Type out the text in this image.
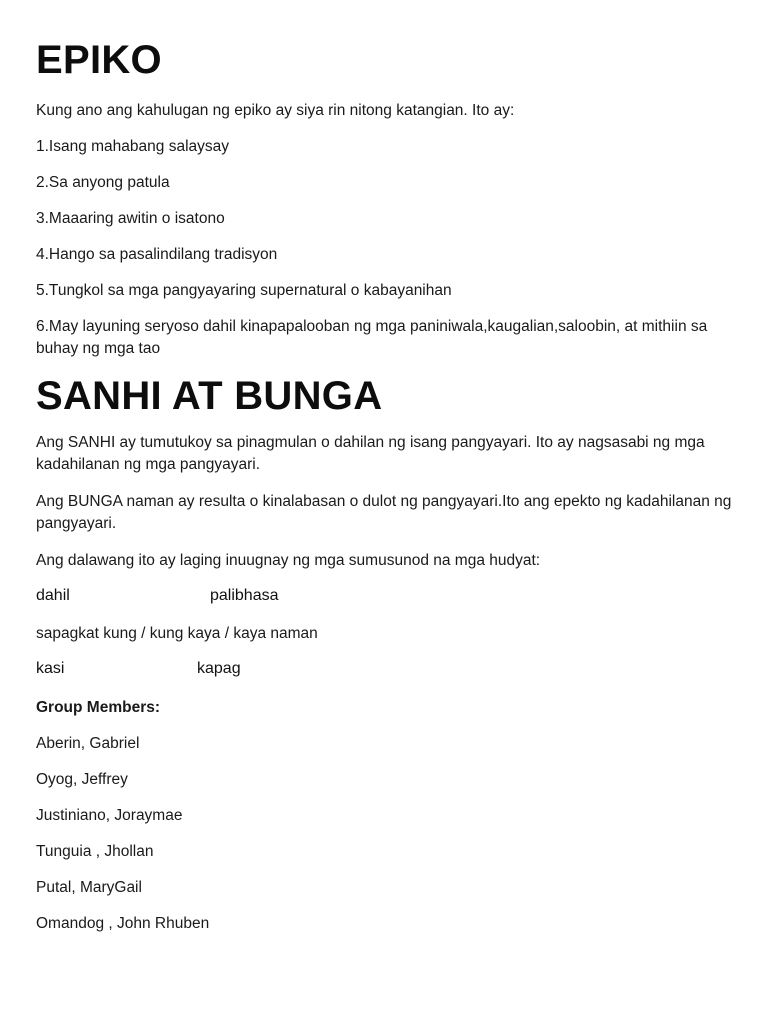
EPIKO

Kung ano ang kahulugan ng epiko ay siya rin nitong katangian. Ito ay:

1.Isang mahabang salaysay

2.Sa anyong patula

3.Maaaring awitin o isatono

4.Hango sa pasalindilang tradisyon

5.Tungkol sa mga pangyayaring supernatural o kabayanihan

6.May layuning seryoso dahil kinapapalooban ng mga paniniwala,kaugalian,saloobin, at mithiin sa buhay ng mga tao

SANHI AT BUNGA

Ang SANHI ay tumutukoy sa pinagmulan o dahilan ng isang pangyayari. Ito ay nagsasabi ng mga kadahilanan ng mga pangyayari.

Ang BUNGA naman ay resulta o kinalabasan o dulot ng pangyayari.Ito ang epekto ng kadahilanan ng pangyayari.

Ang dalawang ito ay laging inuugnay ng mga sumusunod na mga hudyat:

dahil	palibhasa

sapagkat kung / kung kaya / kaya naman

kasi	kapag

Group Members:

Aberin, Gabriel

Oyog, Jeffrey

Justiniano, Joraymae

Tunguia , Jhollan

Putal, MaryGail

Omandog , John Rhuben
